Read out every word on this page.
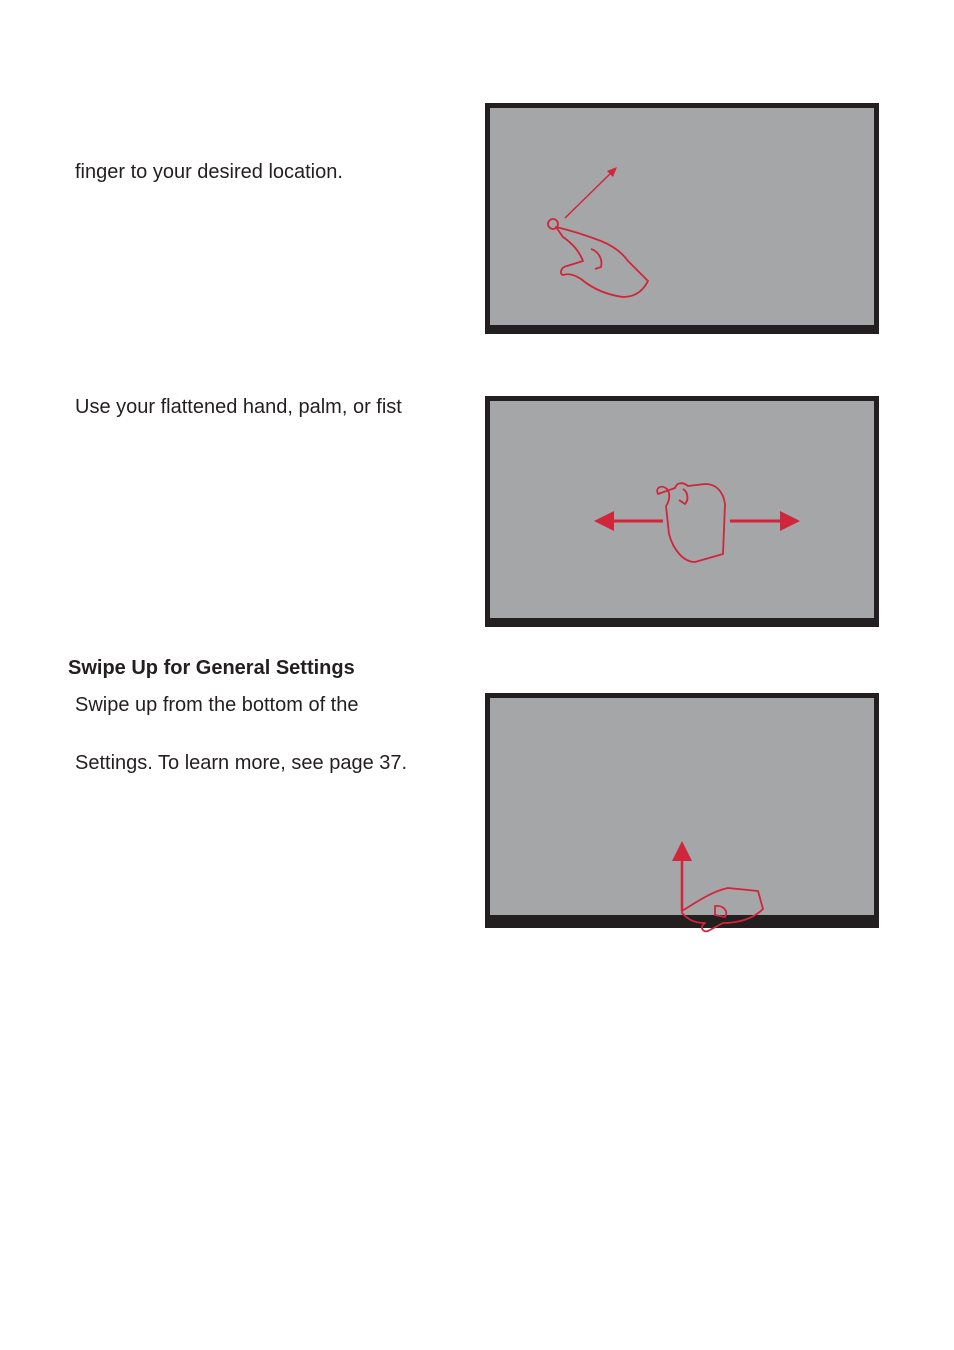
finger to your desired location.
Use your flattened hand, palm, or fist
Swipe Up for General Settings
Swipe up from the bottom of the
Settings. To learn more, see page 37.
